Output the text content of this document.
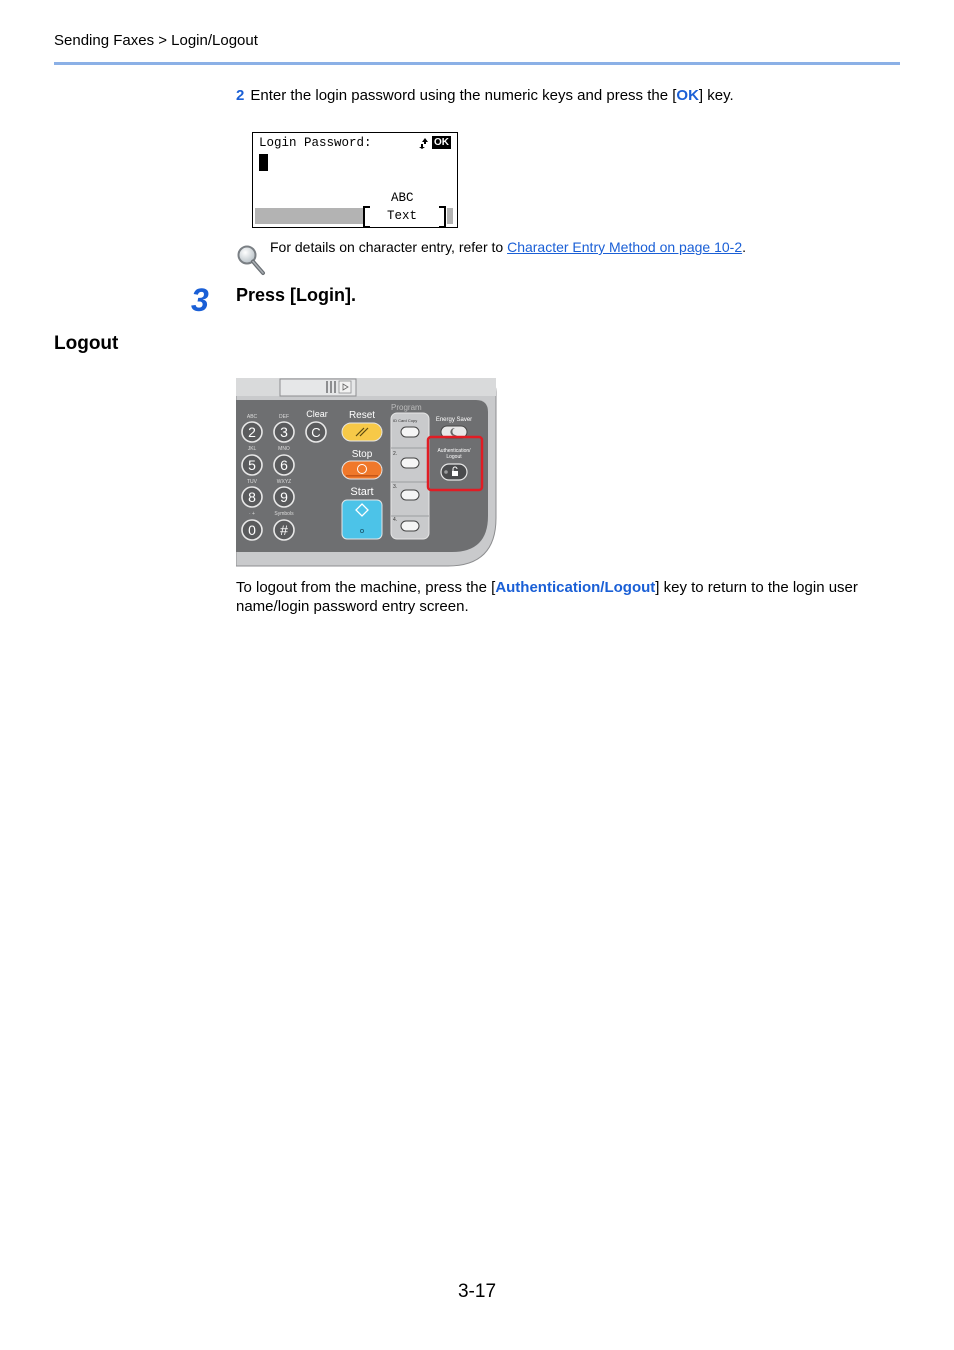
Sending Faxes > Login/Logout
2 Enter the login password using the numeric keys and press the [OK] key.
Login Password:	OK
ABC
Text
For details on character entry, refer to Character Entry Method on page 10-2.
3 Press [Login].
Logout
ABC
2
DEF
3
JKL
5
MNO
6
TUV
8
WXYZ
9
· +
0
Symbols
#
Clear
C
Reset
Stop
Start
Program
ID Card Copy
2.
3.
4.
Energy Saver
Authentication/
Logout
To logout from the machine, press the [Authentication/Logout] key to return to the login user name/login password entry screen.
3-17
